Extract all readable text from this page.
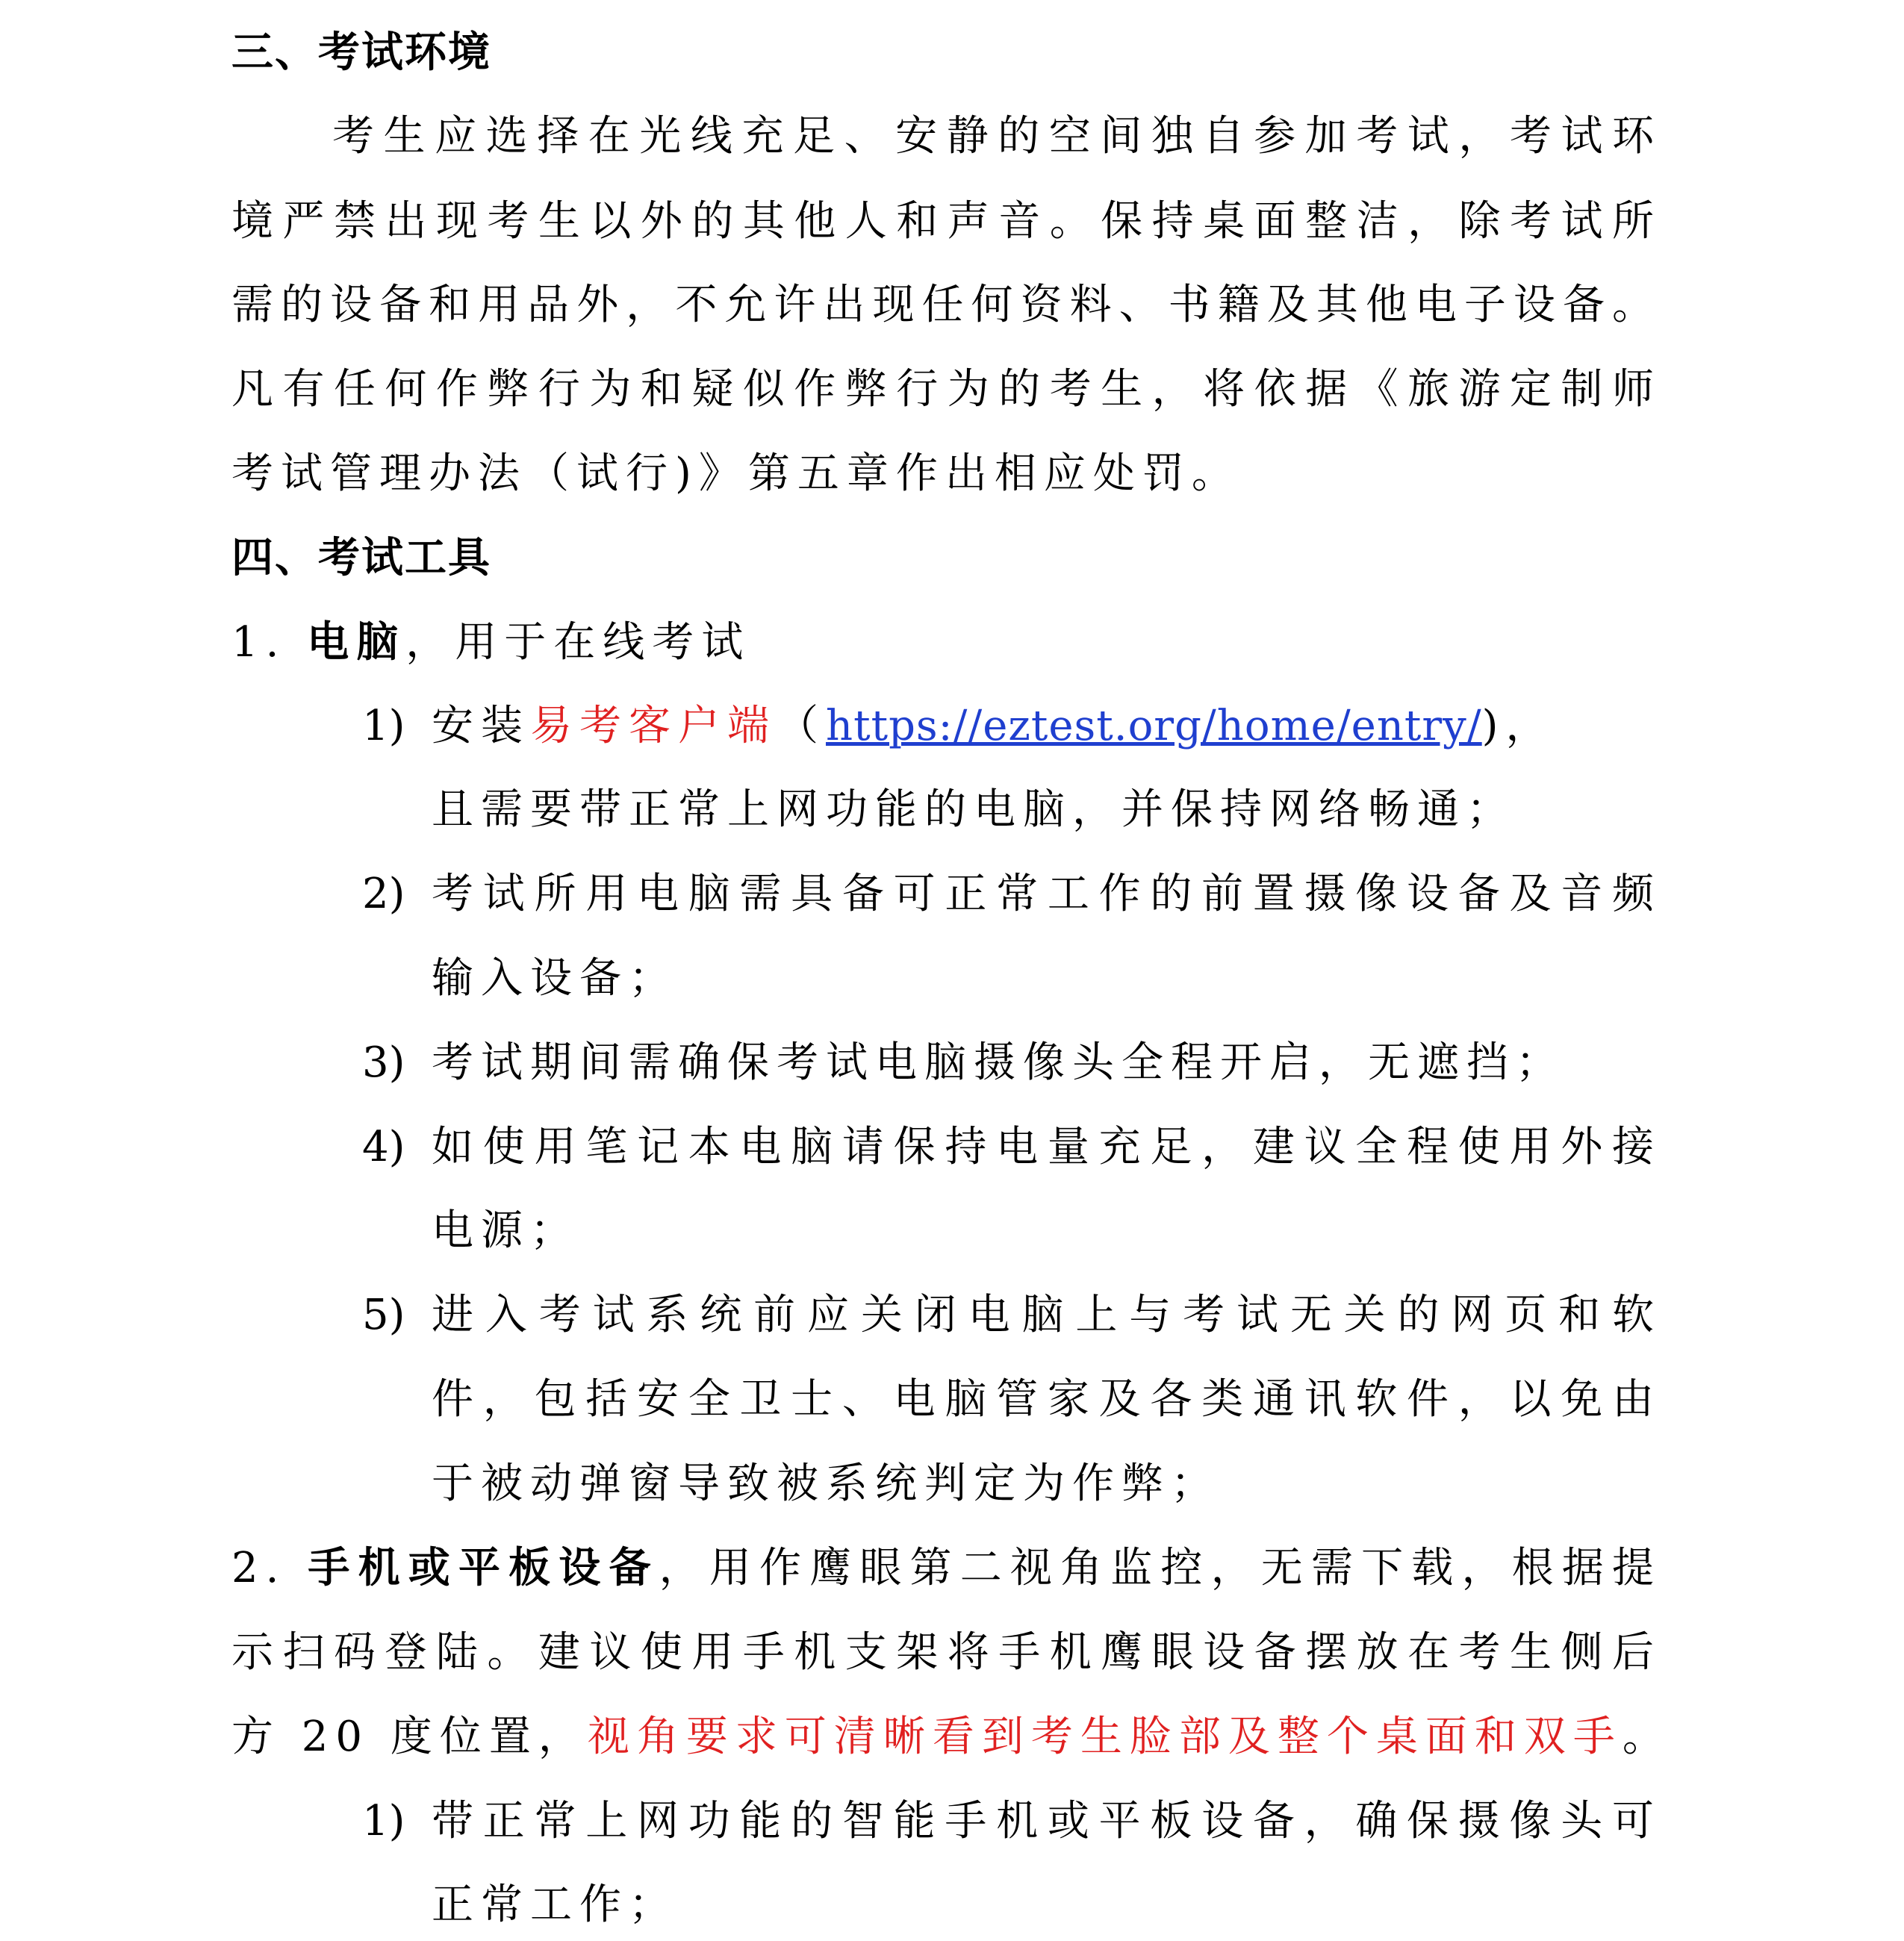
三、考试环境
考生应选择在光线充足、安静的空间独自参加考试，考试环
境严禁出现考生以外的其他人和声音。保持桌面整洁，除考试所
需的设备和用品外，不允许出现任何资料、书籍及其他电子设备。
凡有任何作弊行为和疑似作弊行为的考生，将依据《旅游定制师
考试管理办法（试行)》第五章作出相应处罚。
四、考试工具
1. 电脑，用于在线考试
1) 安装易考客户端（https://eztest.org/home/entry/)，
且需要带正常上网功能的电脑，并保持网络畅通；
2) 考试所用电脑需具备可正常工作的前置摄像设备及音频
输入设备；
3) 考试期间需确保考试电脑摄像头全程开启，无遮挡；
4) 如使用笔记本电脑请保持电量充足，建议全程使用外接
电源；
5) 进入考试系统前应关闭电脑上与考试无关的网页和软
件，包括安全卫士、电脑管家及各类通讯软件，以免由
于被动弹窗导致被系统判定为作弊；
2. 手机或平板设备，用作鹰眼第二视角监控，无需下载，根据提
示扫码登陆。建议使用手机支架将手机鹰眼设备摆放在考生侧后
方 20 度位置，视角要求可清晰看到考生脸部及整个桌面和双手。
1) 带正常上网功能的智能手机或平板设备，确保摄像头可
正常工作；
